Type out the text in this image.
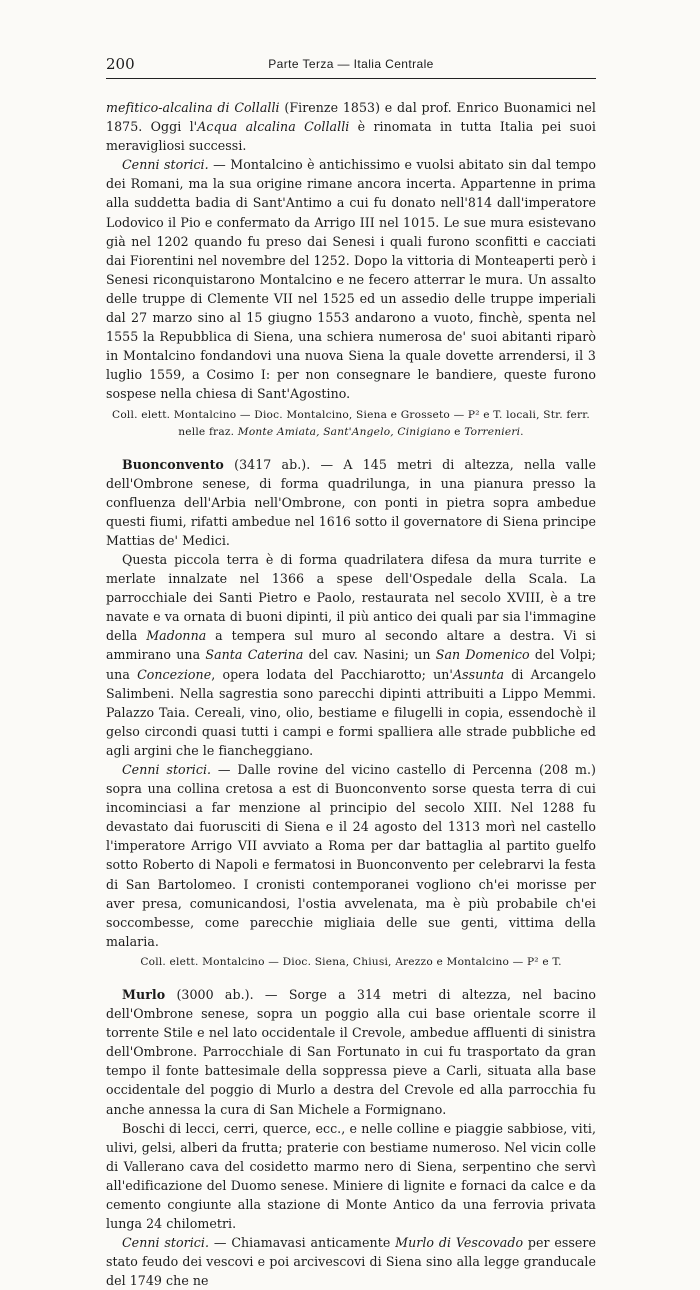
200	Parte Terza — Italia Centrale

mefitico-alcalina di Collalli (Firenze 1853) e dal prof. Enrico Buonamici nel 1875. Oggi l'Acqua alcalina Collalli è rinomata in tutta Italia pei suoi meravigliosi successi.

Cenni storici. — Montalcino è antichissimo e vuolsi abitato sin dal tempo dei Romani, ma la sua origine rimane ancora incerta. Appartenne in prima alla suddetta badia di Sant'Antimo a cui fu donato nell'814 dall'imperatore Lodovico il Pio e confermato da Arrigo III nel 1015. Le sue mura esistevano già nel 1202 quando fu preso dai Senesi i quali furono sconfitti e cacciati dai Fiorentini nel novembre del 1252. Dopo la vittoria di Monteaperti però i Senesi riconquistarono Montalcino e ne fecero atterrar le mura. Un assalto delle truppe di Clemente VII nel 1525 ed un assedio delle truppe imperiali dal 27 marzo sino al 15 giugno 1553 andarono a vuoto, finchè, spenta nel 1555 la Repubblica di Siena, una schiera numerosa de' suoi abitanti riparò in Montalcino fondandovi una nuova Siena la quale dovette arrendersi, il 3 luglio 1559, a Cosimo I: per non consegnare le bandiere, queste furono sospese nella chiesa di Sant'Agostino.

Coll. elett. Montalcino — Dioc. Montalcino, Siena e Grosseto — P² e T. locali, Str. ferr.
nelle fraz. Monte Amiata, Sant'Angelo, Cinigiano e Torrenieri.

Buonconvento (3417 ab.). — A 145 metri di altezza, nella valle dell'Ombrone senese, di forma quadrilunga, in una pianura presso la confluenza dell'Arbia nell'Ombrone, con ponti in pietra sopra ambedue questi fiumi, rifatti ambedue nel 1616 sotto il governatore di Siena principe Mattias de' Medici.

Questa piccola terra è di forma quadrilatera difesa da mura turrite e merlate innalzate nel 1366 a spese dell'Ospedale della Scala. La parrocchiale dei Santi Pietro e Paolo, restaurata nel secolo XVIII, è a tre navate e va ornata di buoni dipinti, il più antico dei quali par sia l'immagine della Madonna a tempera sul muro al secondo altare a destra. Vi si ammirano una Santa Caterina del cav. Nasini; un San Domenico del Volpi; una Concezione, opera lodata del Pacchiarotto; un'Assunta di Arcangelo Salimbeni. Nella sagrestia sono parecchi dipinti attribuiti a Lippo Memmi. Palazzo Taia. Cereali, vino, olio, bestiame e filugelli in copia, essendochè il gelso circondi quasi tutti i campi e formi spalliera alle strade pubbliche ed agli argini che le fiancheggiano.

Cenni storici. — Dalle rovine del vicino castello di Percenna (208 m.) sopra una collina cretosa a est di Buonconvento sorse questa terra di cui incominciasi a far menzione al principio del secolo XIII. Nel 1288 fu devastato dai fuorusciti di Siena e il 24 agosto del 1313 morì nel castello l'imperatore Arrigo VII avviato a Roma per dar battaglia al partito guelfo sotto Roberto di Napoli e fermatosi in Buonconvento per celebrarvi la festa di San Bartolomeo. I cronisti contemporanei vogliono ch'ei morisse per aver presa, comunicandosi, l'ostia avvelenata, ma è più probabile ch'ei soccombesse, come parecchie migliaia delle sue genti, vittima della malaria.

Coll. elett. Montalcino — Dioc. Siena, Chiusi, Arezzo e Montalcino — P² e T.

Murlo (3000 ab.). — Sorge a 314 metri di altezza, nel bacino dell'Ombrone senese, sopra un poggio alla cui base orientale scorre il torrente Stile e nel lato occidentale il Crevole, ambedue affluenti di sinistra dell'Ombrone. Parrocchiale di San Fortunato in cui fu trasportato da gran tempo il fonte battesimale della soppressa pieve a Carli, situata alla base occidentale del poggio di Murlo a destra del Crevole ed alla parrocchia fu anche annessa la cura di San Michele a Formignano.

Boschi di lecci, cerri, querce, ecc., e nelle colline e piaggie sabbiose, viti, ulivi, gelsi, alberi da frutta; praterie con bestiame numeroso. Nel vicin colle di Vallerano cava del cosidetto marmo nero di Siena, serpentino che servì all'edificazione del Duomo senese. Miniere di lignite e fornaci da calce e da cemento congiunte alla stazione di Monte Antico da una ferrovia privata lunga 24 chilometri.

Cenni storici. — Chiamavasi anticamente Murlo di Vescovado per essere stato feudo dei vescovi e poi arcivescovi di Siena sino alla legge granducale del 1749 che ne
